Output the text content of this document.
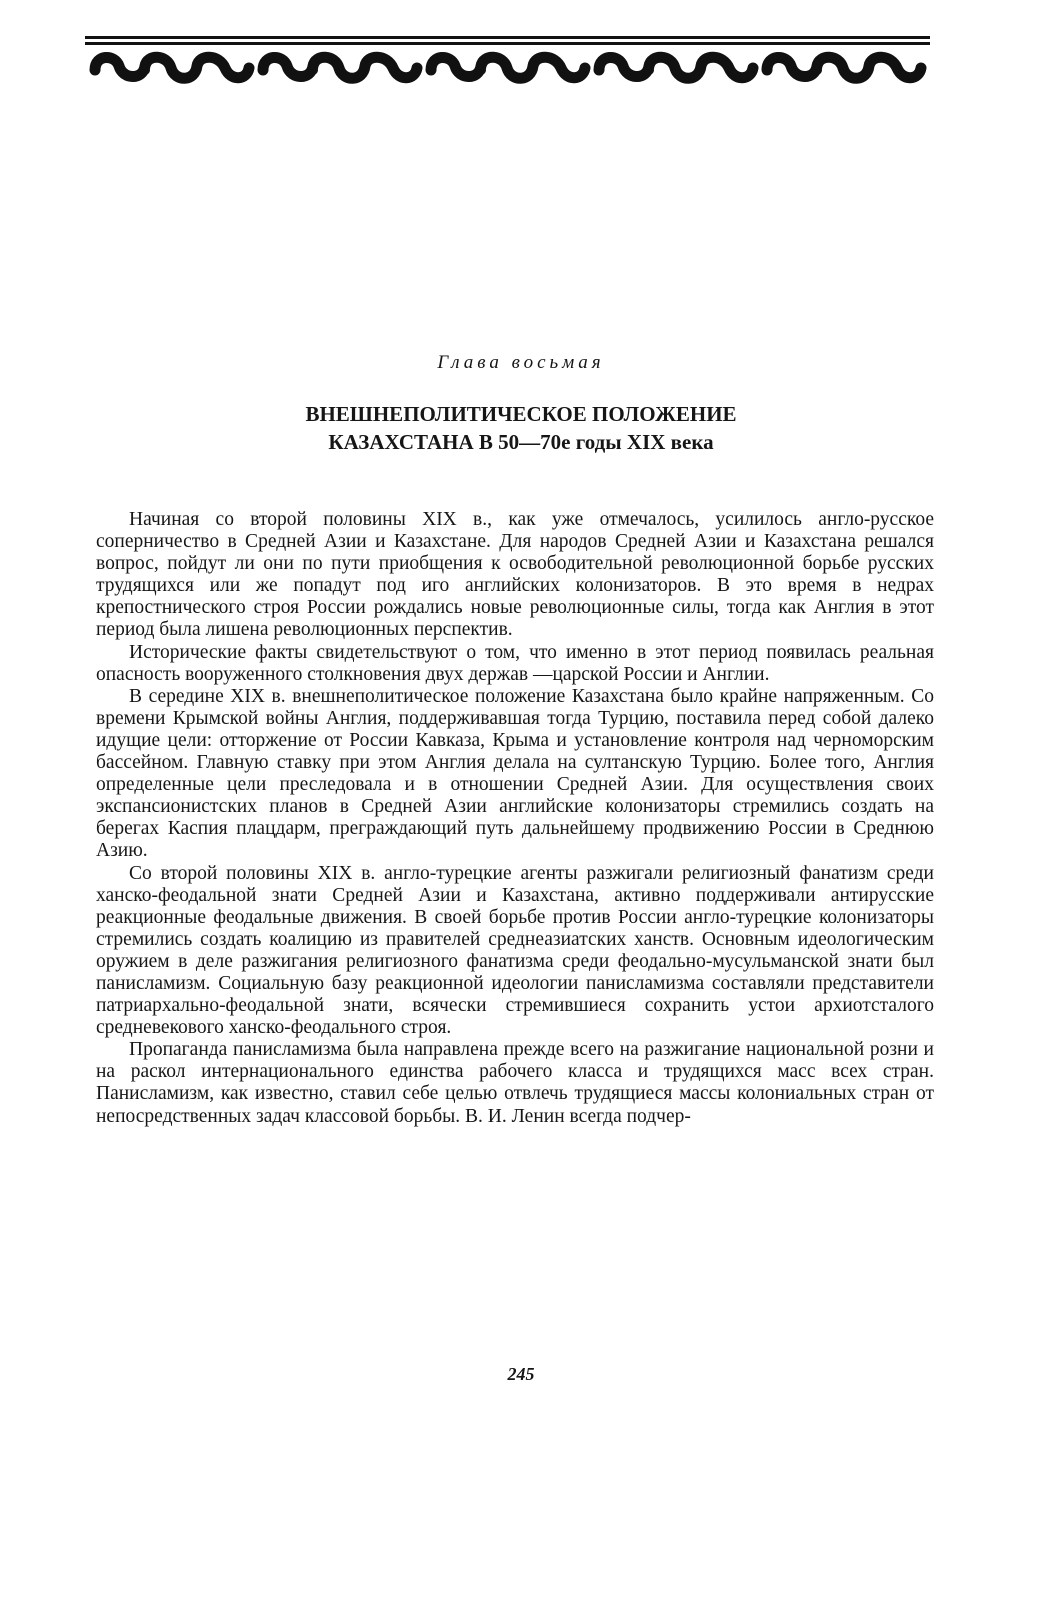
Глава восьмая

ВНЕШНЕПОЛИТИЧЕСКОЕ ПОЛОЖЕНИЕ
КАЗАХСТАНА В 50—70е годы XIX века

Начиная со второй половины XIX в., как уже отмечалось, усилилось англо-русское соперничество в Средней Азии и Казахстане. Для народов Средней Азии и Казахстана решался вопрос, пойдут ли они по пути приобщения к освободительной революционной борьбе русских трудящихся или же попадут под иго английских колонизаторов. В это время в недрах крепостнического строя России рождались новые революционные силы, тогда как Англия в этот период была лишена революционных перспектив.

Исторические факты свидетельствуют о том, что именно в этот период появилась реальная опасность вооруженного столкновения двух держав —царской России и Англии.

В середине XIX в. внешнеполитическое положение Казахстана было крайне напряженным. Со времени Крымской войны Англия, поддерживавшая тогда Турцию, поставила перед собой далеко идущие цели: отторжение от России Кавказа, Крыма и установление контроля над черноморским бассейном. Главную ставку при этом Англия делала на султанскую Турцию. Более того, Англия определенные цели преследовала и в отношении Средней Азии. Для осуществления своих экспансионистских планов в Средней Азии английские колонизаторы стремились создать на берегах Каспия плацдарм, преграждающий путь дальнейшему продвижению России в Среднюю Азию.

Со второй половины XIX в. англо-турецкие агенты разжигали религиозный фанатизм среди ханско-феодальной знати Средней Азии и Казахстана, активно поддерживали антирусские реакционные феодальные движения. В своей борьбе против России англо-турецкие колонизаторы стремились создать коалицию из правителей среднеазиатских ханств. Основным идеологическим оружием в деле разжигания религиозного фанатизма среди феодально-мусульманской знати был панисламизм. Социальную базу реакционной идеологии панисламизма составляли представители патриархально-феодальной знати, всячески стремившиеся сохранить устои архиотсталого средневекового ханско-феодального строя.

Пропаганда панисламизма была направлена прежде всего на разжигание национальной розни и на раскол интернационального единства рабочего класса и трудящихся масс всех стран. Панисламизм, как известно, ставил себе целью отвлечь трудящиеся массы колониальных стран от непосредственных задач классовой борьбы. В. И. Ленин всегда подчер-

245
